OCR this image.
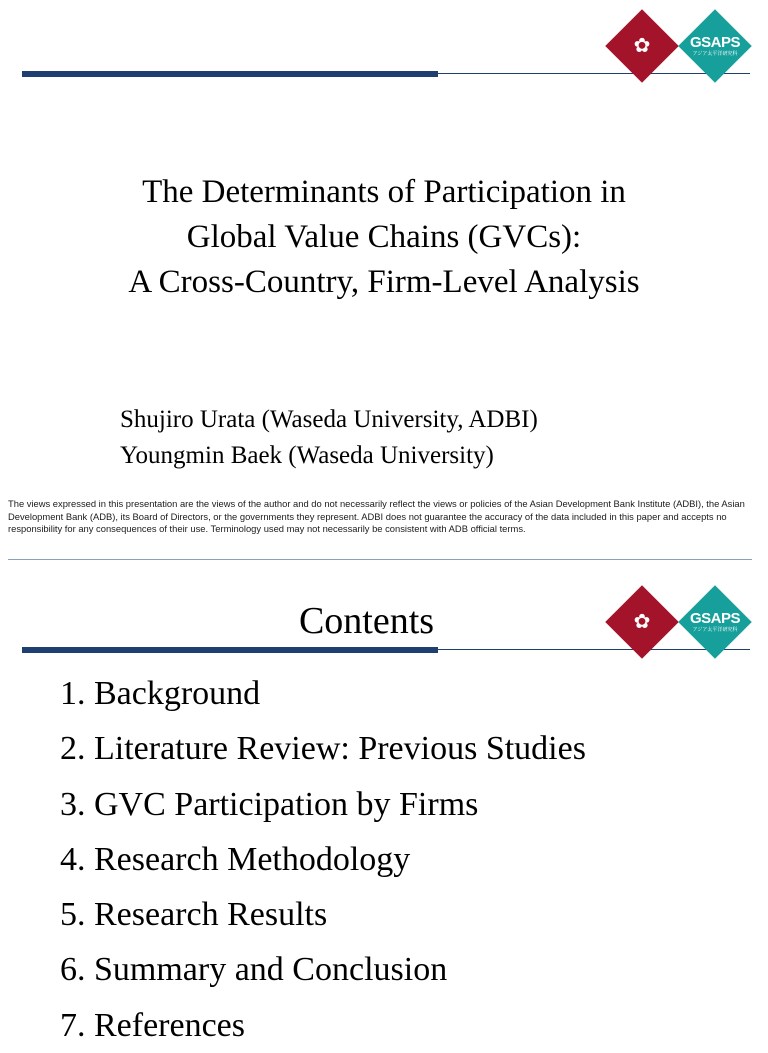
✿	GSAPS
アジア太平洋研究科
The Determinants of Participation in
Global Value Chains (GVCs):
A Cross-Country, Firm-Level Analysis
Shujiro Urata (Waseda University, ADBI)
Youngmin Baek (Waseda University)
The views expressed in this presentation are the views of the author and do not necessarily reflect the views or policies of the Asian Development Bank Institute (ADBI), the Asian Development Bank (ADB), its Board of Directors, or the governments they represent. ADBI does not guarantee the accuracy of the data included in this paper and accepts no responsibility for any consequences of their use. Terminology used may not necessarily be consistent with ADB official terms.
Contents	✿	GSAPS
アジア太平洋研究科
1. Background
2. Literature Review: Previous Studies
3. GVC Participation by Firms
4. Research Methodology
5. Research Results
6. Summary and Conclusion
7. References
